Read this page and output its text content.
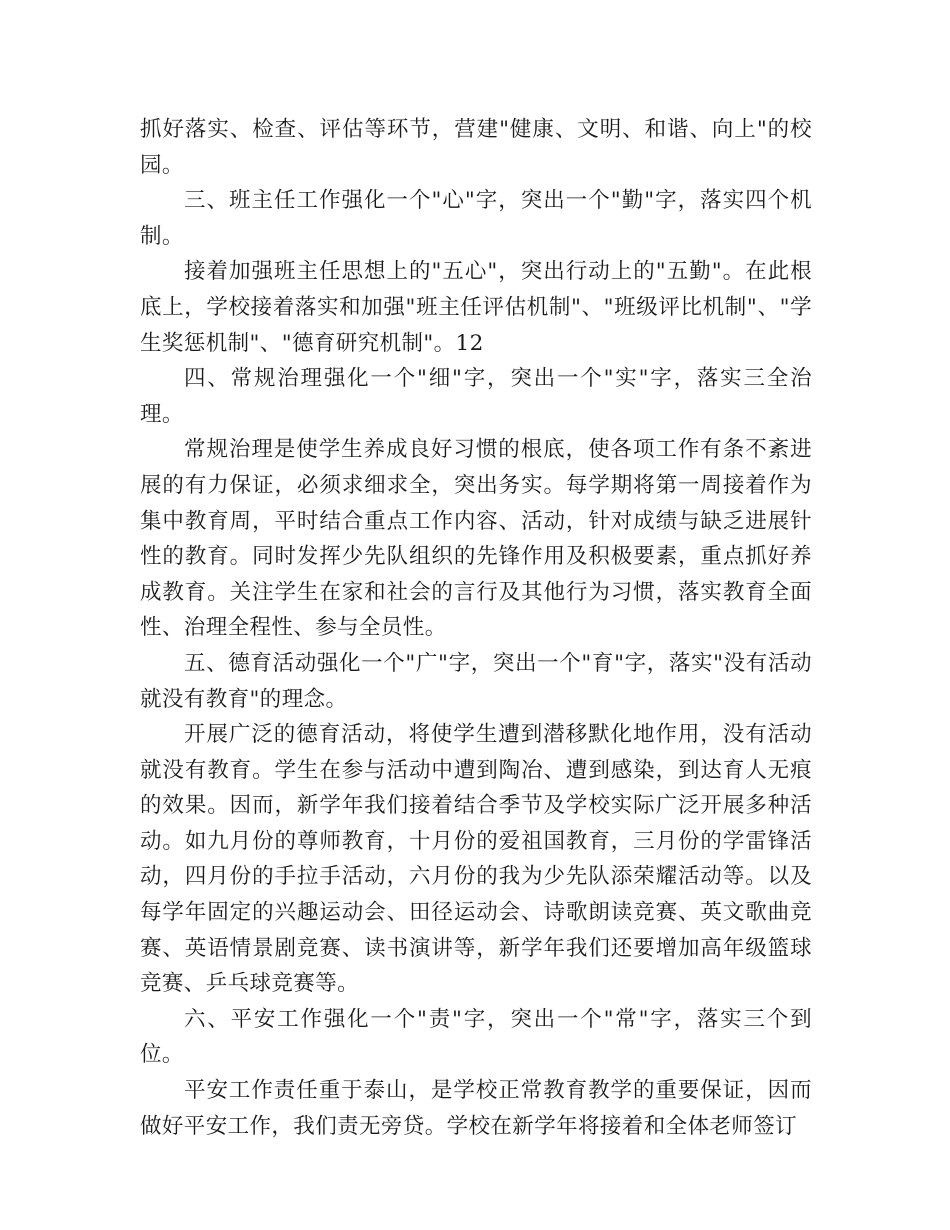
抓好落实、检查、评估等环节，营建"健康、文明、和谐、向上"的校园。

三、班主任工作强化一个"心"字，突出一个"勤"字，落实四个机制。

接着加强班主任思想上的"五心"，突出行动上的"五勤"。在此根底上，学校接着落实和加强"班主任评估机制"、"班级评比机制"、"学生奖惩机制"、"德育研究机制"。12

四、常规治理强化一个"细"字，突出一个"实"字，落实三全治理。

常规治理是使学生养成良好习惯的根底，使各项工作有条不紊进展的有力保证，必须求细求全，突出务实。每学期将第一周接着作为集中教育周，平时结合重点工作内容、活动，针对成绩与缺乏进展针性的教育。同时发挥少先队组织的先锋作用及积极要素，重点抓好养成教育。关注学生在家和社会的言行及其他行为习惯，落实教育全面性、治理全程性、参与全员性。

五、德育活动强化一个"广"字，突出一个"育"字，落实"没有活动就没有教育"的理念。

开展广泛的德育活动，将使学生遭到潜移默化地作用，没有活动就没有教育。学生在参与活动中遭到陶冶、遭到感染，到达育人无痕的效果。因而，新学年我们接着结合季节及学校实际广泛开展多种活动。如九月份的尊师教育，十月份的爱祖国教育，三月份的学雷锋活动，四月份的手拉手活动，六月份的我为少先队添荣耀活动等。以及每学年固定的兴趣运动会、田径运动会、诗歌朗读竞赛、英文歌曲竞赛、英语情景剧竞赛、读书演讲等，新学年我们还要增加高年级篮球竞赛、乒乓球竞赛等。

六、平安工作强化一个"责"字，突出一个"常"字，落实三个到位。

平安工作责任重于泰山，是学校正常教育教学的重要保证，因而做好平安工作，我们责无旁贷。学校在新学年将接着和全体老师签订
